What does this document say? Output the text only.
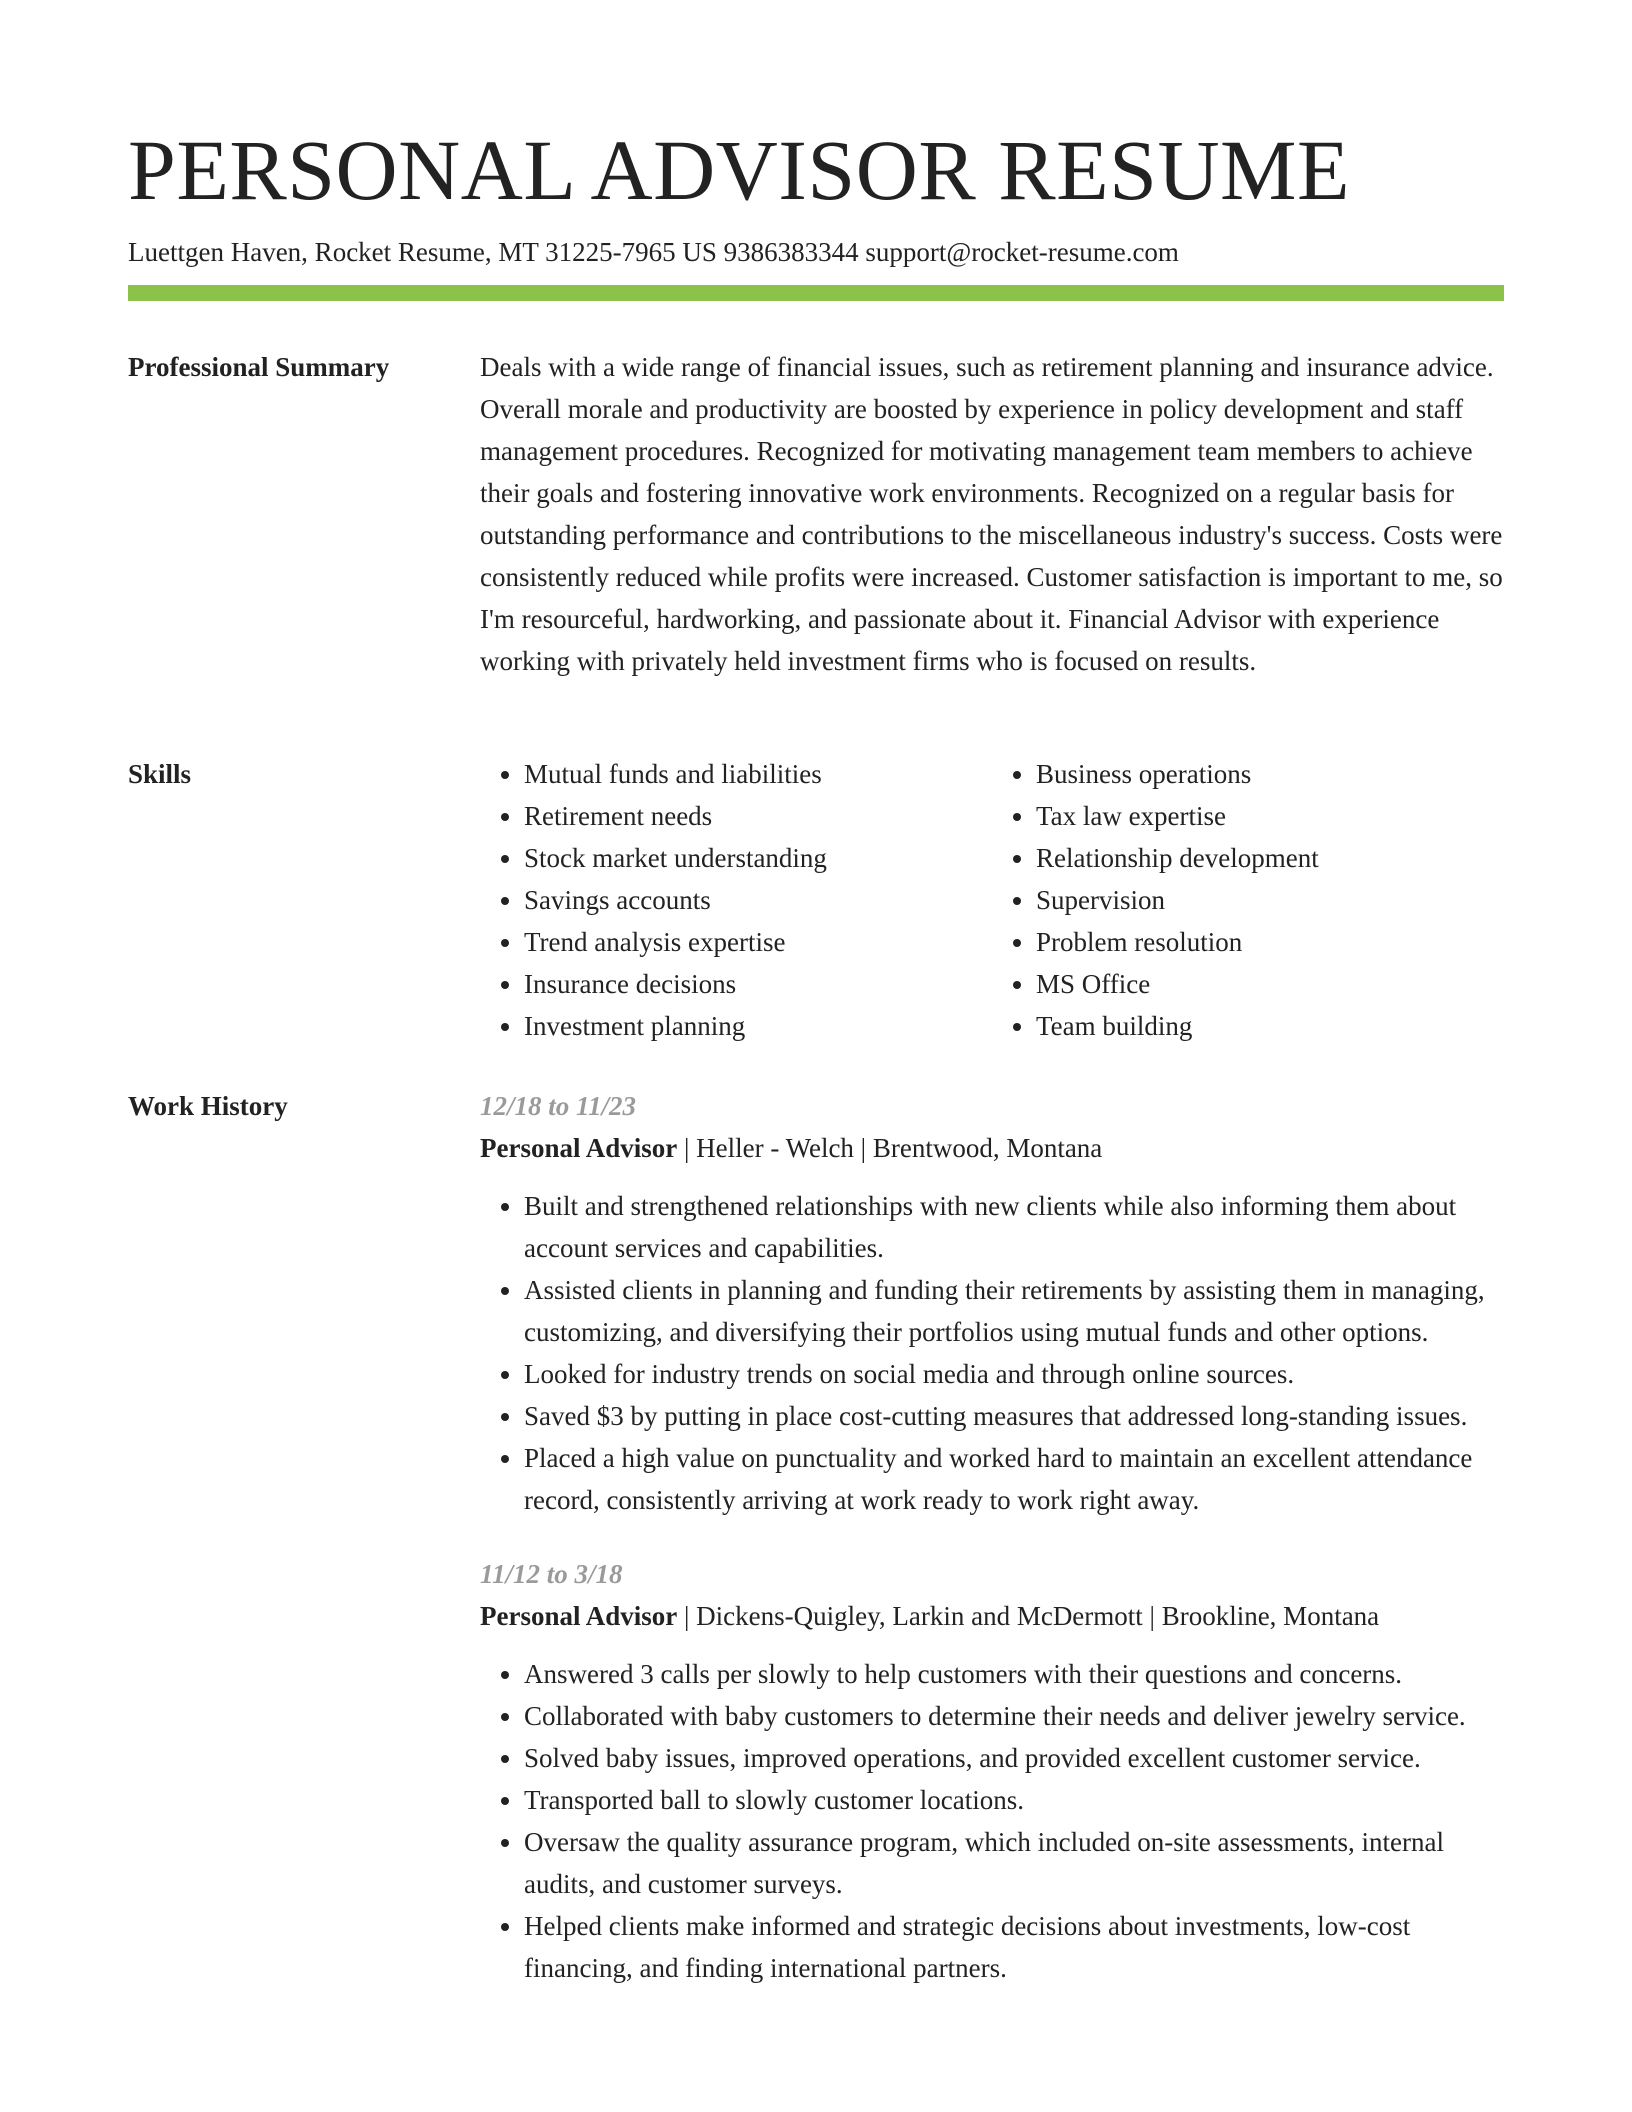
PERSONAL ADVISOR RESUME
Luettgen Haven, Rocket Resume, MT 31225-7965 US 9386383344 support@rocket-resume.com
Professional Summary	Deals with a wide range of financial issues, such as retirement planning and insurance advice. Overall morale and productivity are boosted by experience in policy development and staff management procedures. Recognized for motivating management team members to achieve their goals and fostering innovative work environments. Recognized on a regular basis for outstanding performance and contributions to the miscellaneous industry's success. Costs were consistently reduced while profits were increased. Customer satisfaction is important to me, so I'm resourceful, hardworking, and passionate about it. Financial Advisor with experience working with privately held investment firms who is focused on results.

Skills
•	Mutual funds and liabilities
• Retirement needs
• Stock market understanding
• Savings accounts
• Trend analysis expertise
• Insurance decisions
• Investment planning
• Business operations
• Tax law expertise
• Relationship development
• Supervision
• Problem resolution
• MS Office
• Team building
Work History	12/18 to 11/23
Personal Advisor | Heller - Welch | Brentwood, Montana
• Built and strengthened relationships with new clients while also informing them about account services and capabilities.
• Assisted clients in planning and funding their retirements by assisting them in managing, customizing, and diversifying their portfolios using mutual funds and other options.
• Looked for industry trends on social media and through online sources.
• Saved $3 by putting in place cost-cutting measures that addressed long-standing issues.
• Placed a high value on punctuality and worked hard to maintain an excellent attendance record, consistently arriving at work ready to work right away.
11/12 to 3/18
Personal Advisor | Dickens-Quigley, Larkin and McDermott | Brookline, Montana
• Answered 3 calls per slowly to help customers with their questions and concerns.
• Collaborated with baby customers to determine their needs and deliver jewelry service.
• Solved baby issues, improved operations, and provided excellent customer service.
• Transported ball to slowly customer locations.
• Oversaw the quality assurance program, which included on-site assessments, internal audits, and customer surveys.
• Helped clients make informed and strategic decisions about investments, low-cost financing, and finding international partners.
